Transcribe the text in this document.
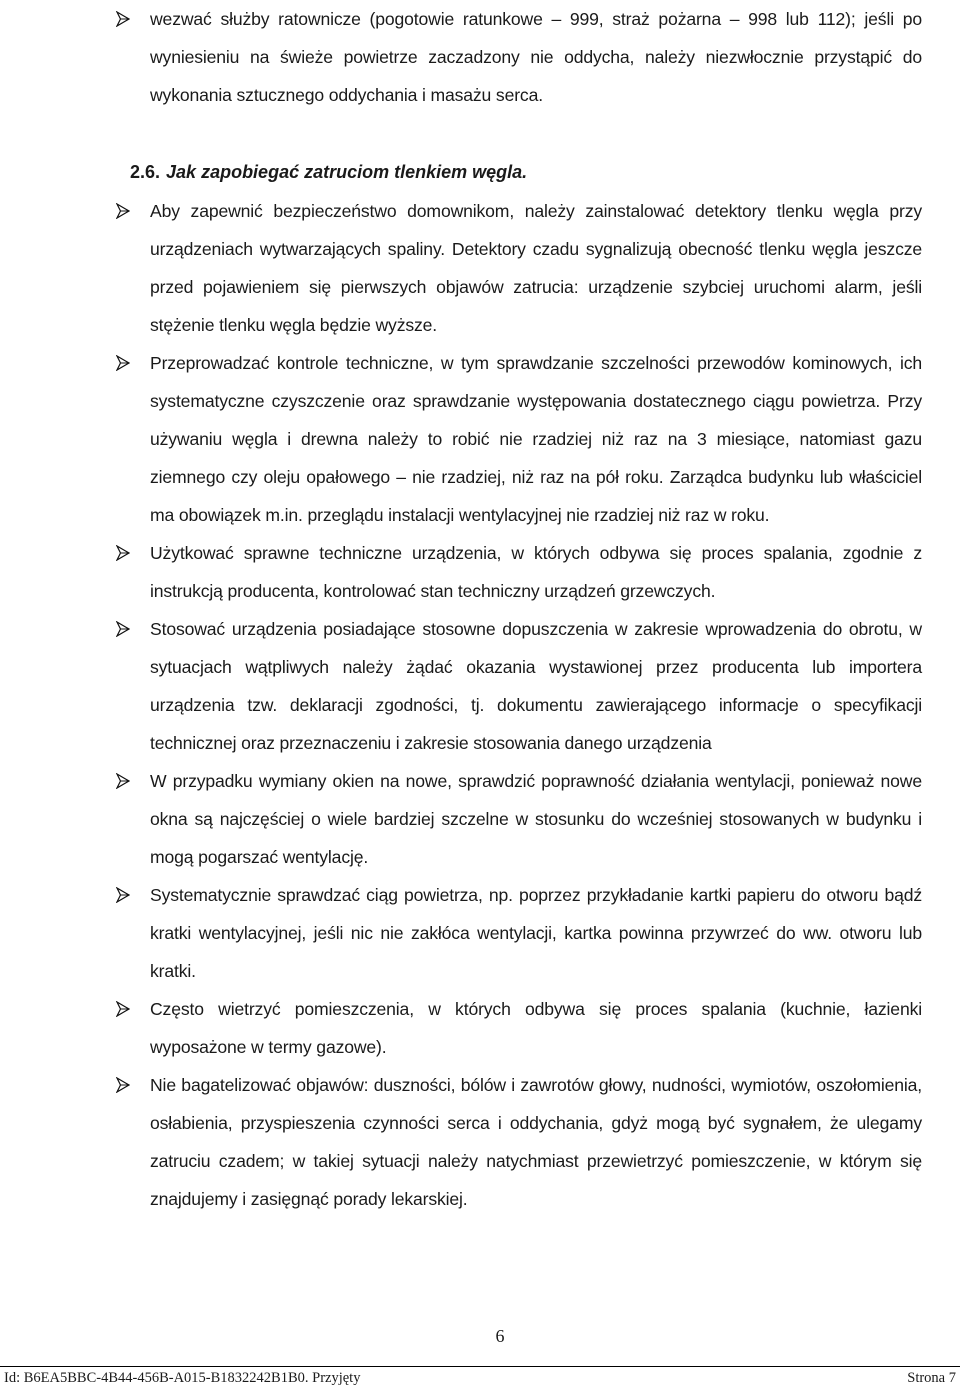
wezwać służby ratownicze (pogotowie ratunkowe – 999, straż pożarna – 998 lub 112); jeśli po wyniesieniu na świeże powietrze zaczadzony nie oddycha, należy niezwłocznie przystąpić do wykonania sztucznego oddychania i masażu serca.
2.6. Jak zapobiegać zatruciom tlenkiem węgla.
Aby zapewnić bezpieczeństwo domownikom, należy zainstalować detektory tlenku węgla przy urządzeniach wytwarzających spaliny. Detektory czadu sygnalizują obecność tlenku węgla jeszcze przed pojawieniem się pierwszych objawów zatrucia: urządzenie szybciej uruchomi alarm, jeśli stężenie tlenku węgla będzie wyższe.
Przeprowadzać kontrole techniczne, w tym sprawdzanie szczelności przewodów kominowych, ich systematyczne czyszczenie oraz sprawdzanie występowania dostatecznego ciągu powietrza. Przy używaniu węgla i drewna należy to robić nie rzadziej niż raz na 3 miesiące, natomiast gazu ziemnego czy oleju opałowego – nie rzadziej, niż raz na pół roku. Zarządca budynku lub właściciel ma obowiązek m.in. przeglądu instalacji wentylacyjnej nie rzadziej niż raz w roku.
Użytkować sprawne techniczne urządzenia, w których odbywa się proces spalania, zgodnie z instrukcją producenta, kontrolować stan techniczny urządzeń grzewczych.
Stosować urządzenia posiadające stosowne dopuszczenia w zakresie wprowadzenia do obrotu, w sytuacjach wątpliwych należy żądać okazania wystawionej przez producenta lub importera urządzenia tzw. deklaracji zgodności, tj. dokumentu zawierającego informacje o specyfikacji technicznej oraz przeznaczeniu i zakresie stosowania danego urządzenia
W przypadku wymiany okien na nowe, sprawdzić poprawność działania wentylacji, ponieważ nowe okna są najczęściej o wiele bardziej szczelne w stosunku do wcześniej stosowanych w budynku i mogą pogarszać wentylację.
Systematycznie sprawdzać ciąg powietrza, np. poprzez przykładanie kartki papieru do otworu bądź kratki wentylacyjnej, jeśli nic nie zakłóca wentylacji, kartka powinna przywrzeć do ww. otworu lub kratki.
Często wietrzyć pomieszczenia, w których odbywa się proces spalania (kuchnie, łazienki wyposażone w termy gazowe).
Nie bagatelizować objawów: duszności, bólów i zawrotów głowy, nudności, wymiotów, oszołomienia, osłabienia, przyspieszenia czynności serca i oddychania, gdyż mogą być sygnałem, że ulegamy zatruciu czadem; w takiej sytuacji należy natychmiast przewietrzyć pomieszczenie, w którym się znajdujemy i zasięgnąć porady lekarskiej.
6
Id: B6EA5BBC-4B44-456B-A015-B1832242B1B0. Przyjęty	Strona 7
